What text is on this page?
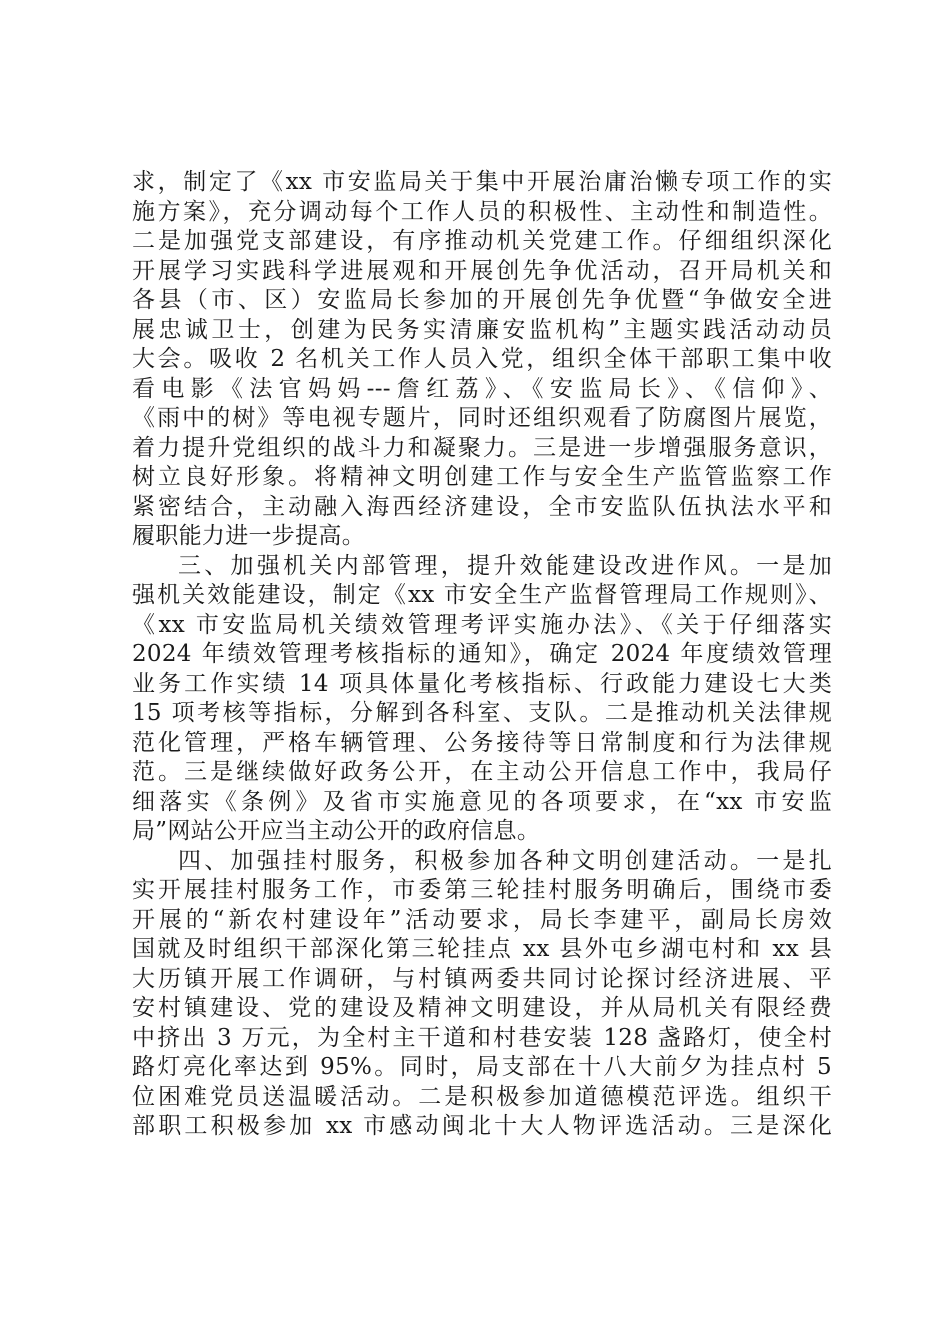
求，制定了《xx 市安监局关于集中开展治庸治懒专项工作的实
施方案》，充分调动每个工作人员的积极性、主动性和制造性。
二是加强党支部建设，有序推动机关党建工作。仔细组织深化
开展学习实践科学进展观和开展创先争优活动，召开局机关和
各县（市、区）安监局长参加的开展创先争优暨“争做安全进
展忠诚卫士，创建为民务实清廉安监机构”主题实践活动动员
大会。吸收 2 名机关工作人员入党，组织全体干部职工集中收
看电影《法官妈妈---詹红荔》、《安监局长》、《信仰》、
《雨中的树》等电视专题片，同时还组织观看了防腐图片展览，
着力提升党组织的战斗力和凝聚力。三是进一步增强服务意识，
树立良好形象。将精神文明创建工作与安全生产监管监察工作
紧密结合，主动融入海西经济建设，全市安监队伍执法水平和
履职能力进一步提高。
三、加强机关内部管理，提升效能建设改进作风。一是加
强机关效能建设，制定《xx 市安全生产监督管理局工作规则》、
《xx 市安监局机关绩效管理考评实施办法》、《关于仔细落实
2024 年绩效管理考核指标的通知》，确定 2024 年度绩效管理
业务工作实绩 14 项具体量化考核指标、行政能力建设七大类
15 项考核等指标，分解到各科室、支队。二是推动机关法律规
范化管理，严格车辆管理、公务接待等日常制度和行为法律规
范。三是继续做好政务公开，在主动公开信息工作中，我局仔
细落实《条例》及省市实施意见的各项要求，在“xx 市安监
局”网站公开应当主动公开的政府信息。
四、加强挂村服务，积极参加各种文明创建活动。一是扎
实开展挂村服务工作，市委第三轮挂村服务明确后，围绕市委
开展的“新农村建设年”活动要求，局长李建平，副局长房效
国就及时组织干部深化第三轮挂点 xx 县外屯乡湖屯村和 xx 县
大历镇开展工作调研，与村镇两委共同讨论探讨经济进展、平
安村镇建设、党的建设及精神文明建设，并从局机关有限经费
中挤出 3 万元，为全村主干道和村巷安装 128 盏路灯，使全村
路灯亮化率达到 95%。同时，局支部在十八大前夕为挂点村 5
位困难党员送温暖活动。二是积极参加道德模范评选。组织干
部职工积极参加 xx 市感动闽北十大人物评选活动。三是深化
